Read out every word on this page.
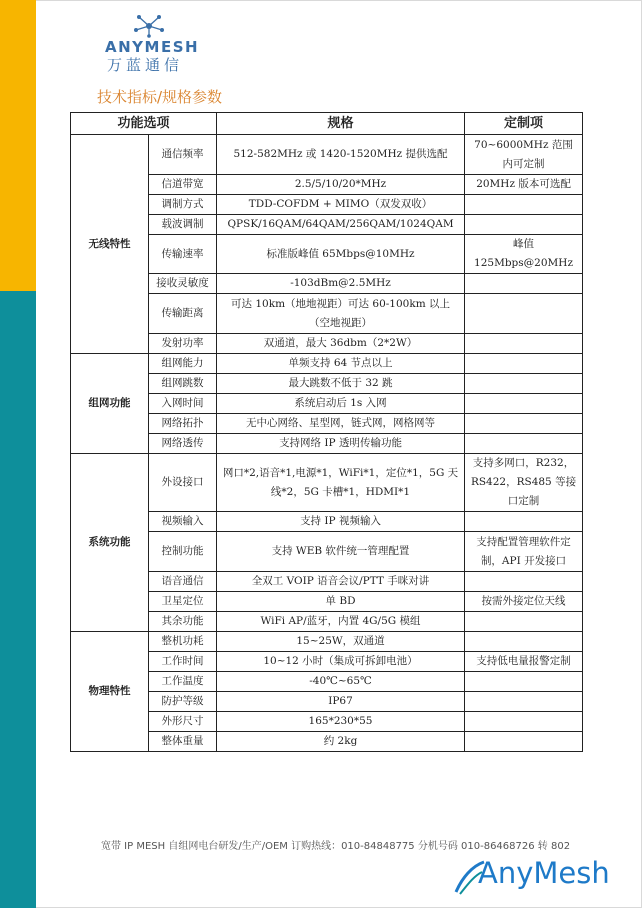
ANYMESH
万蓝通信
技术指标/规格参数
功能选项		规格	定制项
无线特性	通信频率	512-582MHz 或 1420-1520MHz 提供选配	70~6000MHz 范围内可定制
	信道带宽	2.5/5/10/20*MHz	20MHz 版本可选配
	调制方式	TDD-COFDM + MIMO（双发双收）	
	载波调制	QPSK/16QAM/64QAM/256QAM/1024QAM	
	传输速率	标准版峰值 65Mbps@10MHz	峰值 125Mbps@20MHz
	接收灵敏度	-103dBm@2.5MHz	
	传输距离	可达 10km（地地视距）可达 60-100km 以上（空地视距）	
	发射功率	双通道，最大 36dbm（2*2W）	
组网功能	组网能力	单频支持 64 节点以上	
	组网跳数	最大跳数不低于 32 跳	
	入网时间	系统启动后 1s 入网	
	网络拓扑	无中心网络、星型网，链式网，网格网等	
	网络透传	支持网络 IP 透明传输功能	
系统功能	外设接口	网口*2,语音*1,电源*1，WiFi*1，定位*1，5G 天线*2，5G 卡槽*1，HDMI*1	支持多网口，R232，RS422，RS485 等接口定制
	视频输入	支持 IP 视频输入	
	控制功能	支持 WEB 软件统一管理配置	支持配置管理软件定制，API 开发接口
	语音通信	全双工 VOIP 语音会议/PTT 手咪对讲	
	卫星定位	单 BD	按需外接定位天线
	其余功能	WiFi AP/蓝牙，内置 4G/5G 模组	
物理特性	整机功耗	15~25W，双通道	
	工作时间	10~12 小时（集成可拆卸电池）	支持低电量报警定制
	工作温度	-40℃~65℃	
	防护等级	IP67	
	外形尺寸	165*230*55	
	整体重量	约 2kg	
宽带 IP MESH 自组网电台研发/生产/OEM 订购热线：010-84848775 分机号码 010-86468726 转 802
AnyMesh
